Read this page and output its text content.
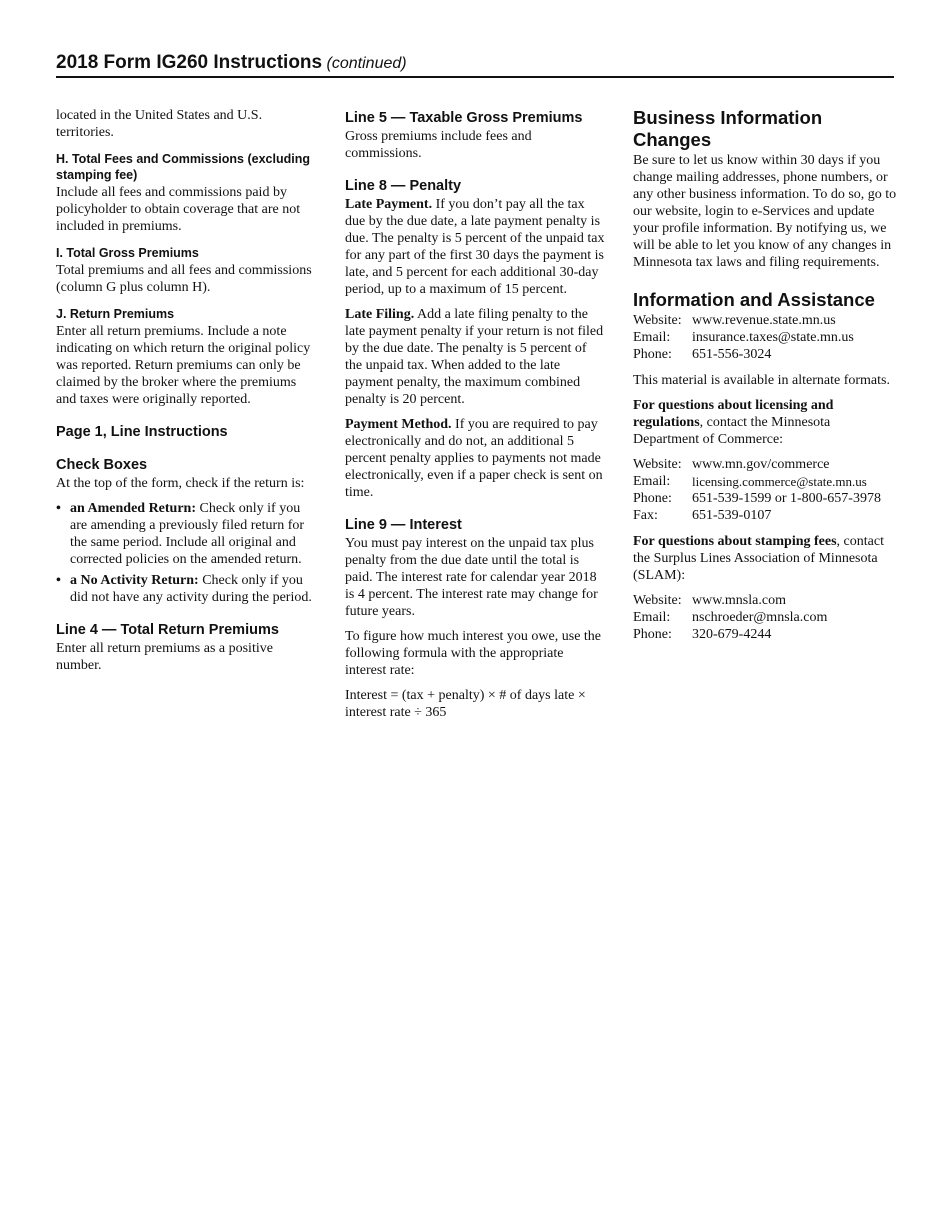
2018 Form IG260 Instructions (continued)

located in the United States and U.S. territories.

H. Total Fees and Commissions (excluding stamping fee)

Include all fees and commissions paid by policyholder to obtain coverage that are not included in premiums.

I. Total Gross Premiums

Total premiums and all fees and commissions (column G plus column H).

J. Return Premiums

Enter all return premiums. Include a note indicating on which return the original policy was reported. Return premiums can only be claimed by the broker where the premiums and taxes were originally reported.

Page 1, Line Instructions
Check Boxes

At the top of the form, check if the return is:

• an Amended Return: Check only if you are amending a previously filed return for the same period. Include all original and corrected policies on the amended return.
• a No Activity Return: Check only if you did not have any activity during the period.
Line 4 — Total Return Premiums

Enter all return premiums as a positive number.

Line 5 — Taxable Gross Premiums

Gross premiums include fees and commissions.

Line 8 — Penalty

Late Payment. If you don’t pay all the tax due by the due date, a late payment penalty is due. The penalty is 5 percent of the unpaid tax for any part of the first 30 days the payment is late, and 5 percent for each additional 30-day period, up to a maximum of 15 percent.

Late Filing. Add a late filing penalty to the late payment penalty if your return is not filed by the due date. The penalty is 5 percent of the unpaid tax. When added to the late payment penalty, the maximum combined penalty is 20 percent.

Payment Method. If you are required to pay electronically and do not, an additional 5 percent penalty applies to payments not made electronically, even if a paper check is sent on time.

Line 9 — Interest

You must pay interest on the unpaid tax plus penalty from the due date until the total is paid. The interest rate for calendar year 2018 is 4 percent. The interest rate may change for future years.

To figure how much interest you owe, use the following formula with the appropriate interest rate:

Interest = (tax + penalty) × # of days late × interest rate ÷ 365

Business Information Changes

Be sure to let us know within 30 days if you change mailing addresses, phone numbers, or any other business information. To do so, go to our website, login to e-Services and update your profile information. By notifying us, we will be able to let you know of any changes in Minnesota tax laws and filing requirements.

Information and Assistance
Website: www.revenue.state.mn.us
Email:	insurance.taxes@state.mn.us
Phone:	651-556-3024

This material is available in alternate formats.

For questions about licensing and regulations, contact the Minnesota Department of Commerce:

Website: www.mn.gov/commerce
Email:	licensing.commerce@state.mn.us
Phone:	651-539-1599 or 1-800-657-3978
Fax:	651-539-0107

For questions about stamping fees, contact the Surplus Lines Association of Minnesota (SLAM):

Website: www.mnsla.com
Email:	nschroeder@mnsla.com
Phone:	320-679-4244
